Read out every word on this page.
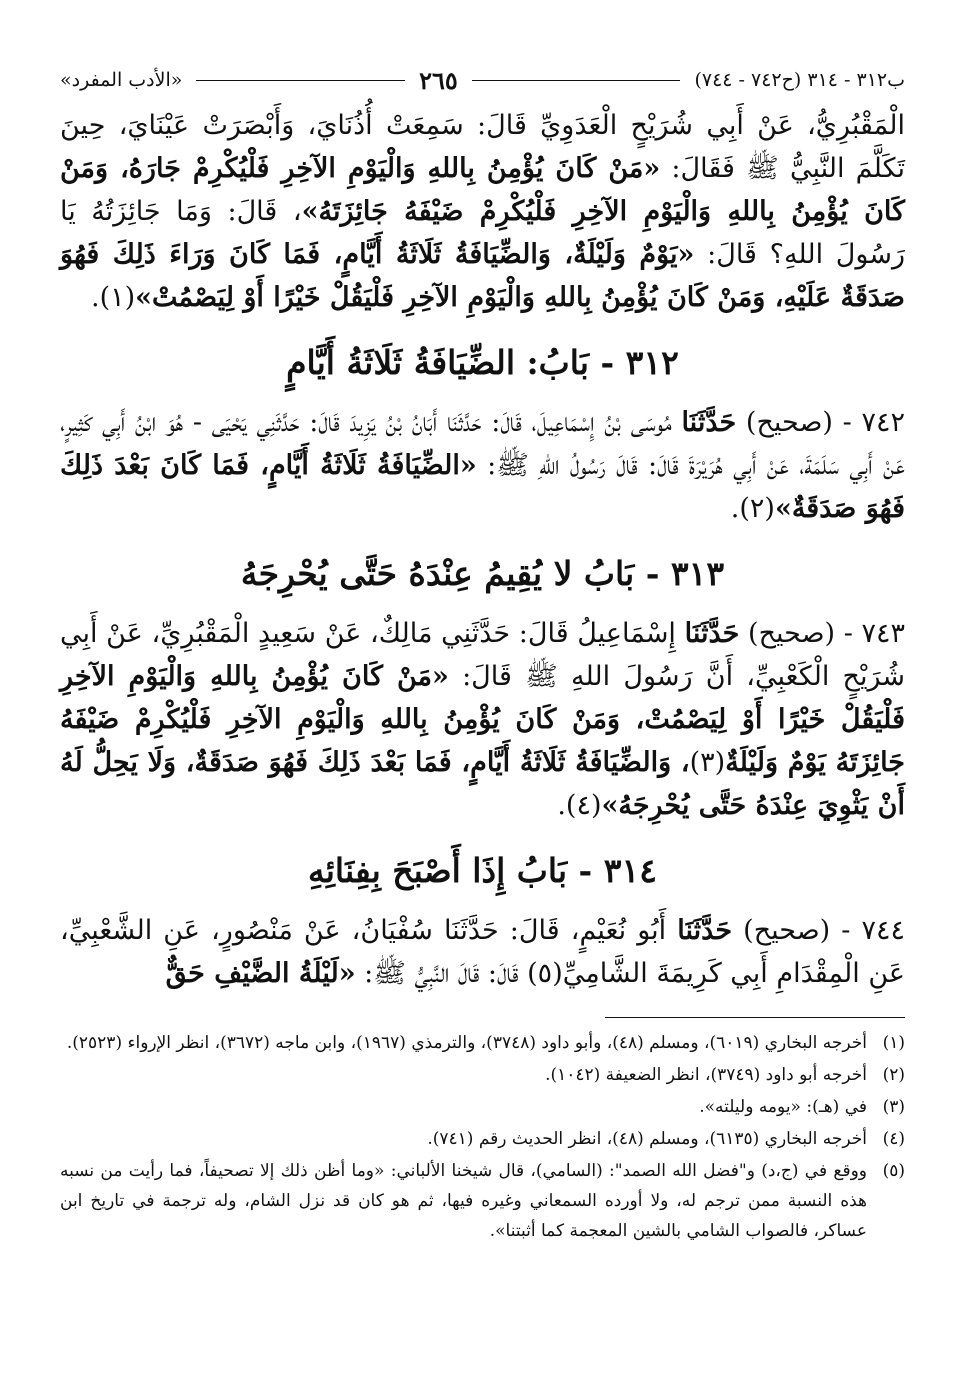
ب٣١٢ - ٣١٤ (ح٧٤٢ - ٧٤٤)
٢٦٥
«الأدب المفرد»

الْمَقْبُرِيُّ، عَنْ أَبِي شُرَيْحٍ الْعَدَوِيِّ قَالَ: سَمِعَتْ أُذُنَايَ، وَأَبْصَرَتْ عَيْنَايَ، حِينَ تَكَلَّمَ النَّبِيُّ ﷺ فَقَالَ: «مَنْ كَانَ يُؤْمِنُ بِاللهِ وَالْيَوْمِ الآخِرِ فَلْيُكْرِمْ جَارَهُ، وَمَنْ كَانَ يُؤْمِنُ بِاللهِ وَالْيَوْمِ الآخِرِ فَلْيُكْرِمْ ضَيْفَهُ جَائِزَتَهُ»، قَالَ: وَمَا جَائِزَتُهُ يَا رَسُولَ اللهِ؟ قَالَ: «يَوْمٌ وَلَيْلَةٌ، وَالضِّيَافَةُ ثَلَاثَةُ أَيَّامٍ، فَمَا كَانَ وَرَاءَ ذَلِكَ فَهُوَ صَدَقَةٌ عَلَيْهِ، وَمَنْ كَانَ يُؤْمِنُ بِاللهِ وَالْيَوْمِ الآخِرِ فَلْيَقُلْ خَيْرًا أَوْ لِيَصْمُتْ»(١).

٣١٢ - بَابُ: الضِّيَافَةُ ثَلَاثَةُ أَيَّامٍ

٧٤٢ - (صحيح) حَدَّثَنَا مُوسَى بْنُ إِسْمَاعِيلَ، قَالَ: حَدَّثَنَا أَبَانُ بْنُ يَزِيدَ قَالَ: حَدَّثَنِي يَحْيَى - هُوَ ابْنُ أَبِي كَثِيرٍ، عَنْ أَبِي سَلَمَةَ، عَنْ أَبِي هُرَيْرَةَ قَالَ: قَالَ رَسُولُ اللهِ ﷺ: «الضِّيَافَةُ ثَلَاثَةُ أَيَّامٍ، فَمَا كَانَ بَعْدَ ذَلِكَ فَهُوَ صَدَقَةٌ»(٢).

٣١٣ - بَابُ لا يُقِيمُ عِنْدَهُ حَتَّى يُحْرِجَهُ

٧٤٣ - (صحيح) حَدَّثَنَا إِسْمَاعِيلُ قَالَ: حَدَّثَنِي مَالِكٌ، عَنْ سَعِيدٍ الْمَقْبُرِيِّ، عَنْ أَبِي شُرَيْحٍ الْكَعْبِيِّ، أَنَّ رَسُولَ اللهِ ﷺ قَالَ: «مَنْ كَانَ يُؤْمِنُ بِاللهِ وَالْيَوْمِ الآخِرِ فَلْيَقُلْ خَيْرًا أَوْ لِيَصْمُتْ، وَمَنْ كَانَ يُؤْمِنُ بِاللهِ وَالْيَوْمِ الآخِرِ فَلْيُكْرِمْ ضَيْفَهُ جَائِزَتَهُ يَوْمٌ وَلَيْلَةٌ(٣)، وَالضِّيَافَةُ ثَلَاثَةُ أَيَّامٍ، فَمَا بَعْدَ ذَلِكَ فَهُوَ صَدَقَةٌ، وَلَا يَحِلُّ لَهُ أَنْ يَثْوِيَ عِنْدَهُ حَتَّى يُحْرِجَهُ»(٤).

٣١٤ - بَابُ إِذَا أَصْبَحَ بِفِنَائِهِ

٧٤٤ - (صحيح) حَدَّثَنَا أَبُو نُعَيْمٍ، قَالَ: حَدَّثَنَا سُفْيَانُ، عَنْ مَنْصُورٍ، عَنِ الشَّعْبِيِّ، عَنِ الْمِقْدَامِ أَبِي كَرِيمَةَ الشَّامِيِّ(٥) قَالَ: قَالَ النَّبِيُّ ﷺ: «لَيْلَةُ الضَّيْفِ حَقٌّ

(١)
أخرجه البخاري (٦٠١٩)، ومسلم (٤٨)، وأبو داود (٣٧٤٨)، والترمذي (١٩٦٧)، وابن ماجه (٣٦٧٢)، انظر الإرواء (٢٥٢٣).
(٢)
أخرجه أبو داود (٣٧٤٩)، انظر الضعيفة (١٠٤٢).
(٣)
في (هـ): «يومه وليلته».
(٤)
أخرجه البخاري (٦١٣٥)، ومسلم (٤٨)، انظر الحديث رقم (٧٤١).
(٥)
ووقع في (ج،د) و"فضل الله الصمد": (السامي)، قال شيخنا الألباني: «وما أظن ذلك إلا تصحيفاً، فما رأيت من نسبه هذه النسبة ممن ترجم له، ولا أورده السمعاني وغيره فيها، ثم هو كان قد نزل الشام، وله ترجمة في تاريخ ابن عساكر، فالصواب الشامي بالشين المعجمة كما أثبتنا».
